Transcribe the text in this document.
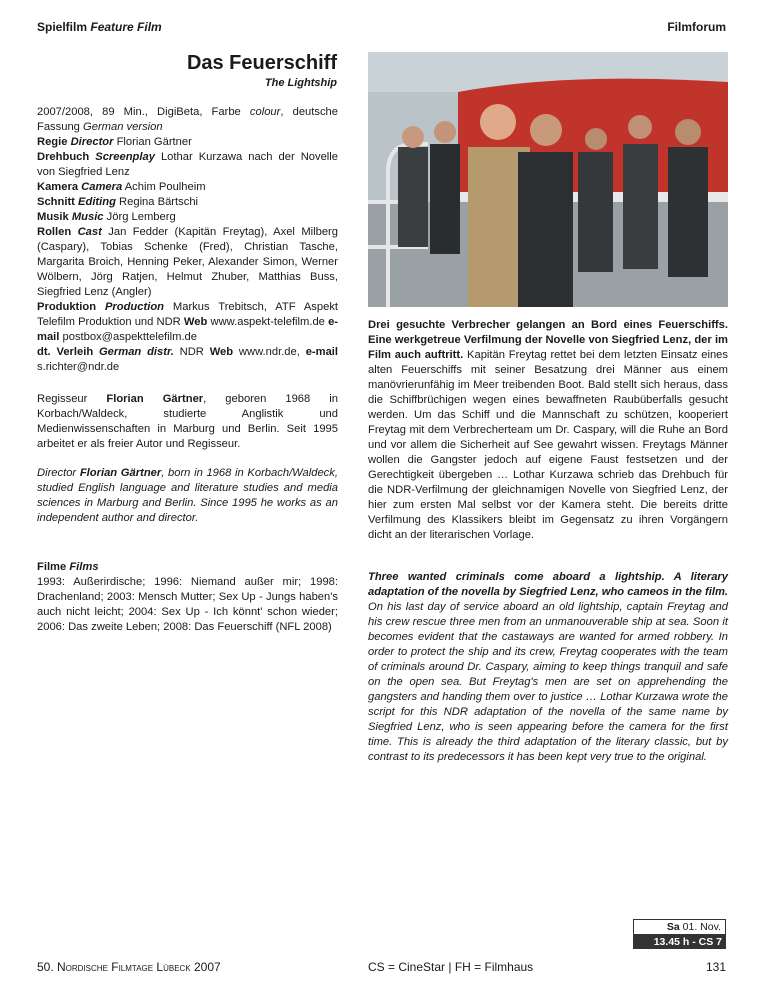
Spielfilm Feature Film	Filmforum
Das Feuerschiff
The Lightship

2007/2008, 89 Min., DigiBeta, Farbe colour, deutsche Fassung German version

Regie Director Florian Gärtner

Drehbuch Screenplay Lothar Kurzawa nach der Novelle von Siegfried Lenz

Kamera Camera Achim Poulheim

Schnitt Editing Regina Bärtschi

Musik Music Jörg Lemberg

Rollen Cast Jan Fedder (Kapitän Freytag), Axel Milberg (Caspary), Tobias Schenke (Fred), Christian Tasche, Margarita Broich, Henning Peker, Alexander Simon, Werner Wölbern, Jörg Ratjen, Helmut Zhuber, Matthias Buss, Siegfried Lenz (Angler)

Produktion Production Markus Trebitsch, ATF Aspekt Telefilm Produktion und NDR Web www.aspekt-telefilm.de e-mail postbox@aspekttelefilm.de

dt. Verleih German distr. NDR Web www.ndr.de, e-mail s.richter@ndr.de

Regisseur Florian Gärtner, geboren 1968 in Korbach/Waldeck, studierte Anglistik und Medienwissenschaften in Marburg und Berlin. Seit 1995 arbeitet er als freier Autor und Regisseur.
Director Florian Gärtner, born in 1968 in Korbach/Waldeck, studied English language and literature studies and media sciences in Marburg and Berlin. Since 1995 he works as an independent author and director.

Filme Films

1993: Außerirdische; 1996: Niemand außer mir; 1998: Drachenland; 2003: Mensch Mutter; Sex Up - Jungs haben's auch nicht leicht; 2004: Sex Up - Ich könnt' schon wieder; 2006: Das zweite Leben; 2008: Das Feuerschiff (NFL 2008)

Drei gesuchte Verbrecher gelangen an Bord eines Feuerschiffs. Eine werkgetreue Verfilmung der Novelle von Siegfried Lenz, der im Film auch auftritt. Kapitän Freytag rettet bei dem letzten Einsatz eines alten Feuerschiffs mit seiner Besatzung drei Männer aus einem manövrierunfähig im Meer treibenden Boot. Bald stellt sich heraus, dass die Schiffbrüchigen wegen eines bewaffneten Raubüberfalls gesucht werden. Um das Schiff und die Mannschaft zu schützen, kooperiert Freytag mit dem Verbrecherteam um Dr. Caspary, will die Ruhe an Bord und vor allem die Sicherheit auf See gewahrt wissen. Freytags Männer wollen die Gangster jedoch auf eigene Faust festsetzen und der Gerechtigkeit übergeben … Lothar Kurzawa schrieb das Drehbuch für die NDR-Verfilmung der gleichnamigen Novelle von Siegfried Lenz, der hier zum ersten Mal selbst vor der Kamera steht. Die bereits dritte Verfilmung des Klassikers bleibt im Gegensatz zu ihren Vorgängern dicht an der literarischen Vorlage.
Three wanted criminals come aboard a lightship. A literary adaptation of the novella by Siegfried Lenz, who cameos in the film. On his last day of service aboard an old lightship, captain Freytag and his crew rescue three men from an unmanouverable ship at sea. Soon it becomes evident that the castaways are wanted for armed robbery. In order to protect the ship and its crew, Freytag cooperates with the team of criminals around Dr. Caspary, aiming to keep things tranquil and safe on the open sea. But Freytag's men are set on apprehending the gangsters and handing them over to justice … Lothar Kurzawa wrote the script for this NDR adaptation of the novella of the same name by Siegfried Lenz, who is seen appearing before the camera for the first time. This is already the third adaptation of the literary classic, but by contrast to its predecessors it has been kept very true to the original.
Sa 01. Nov.
13.45 h - CS 7
50. Nordische Filmtage Lübeck 2007	CS = CineStar | FH = Filmhaus	131
